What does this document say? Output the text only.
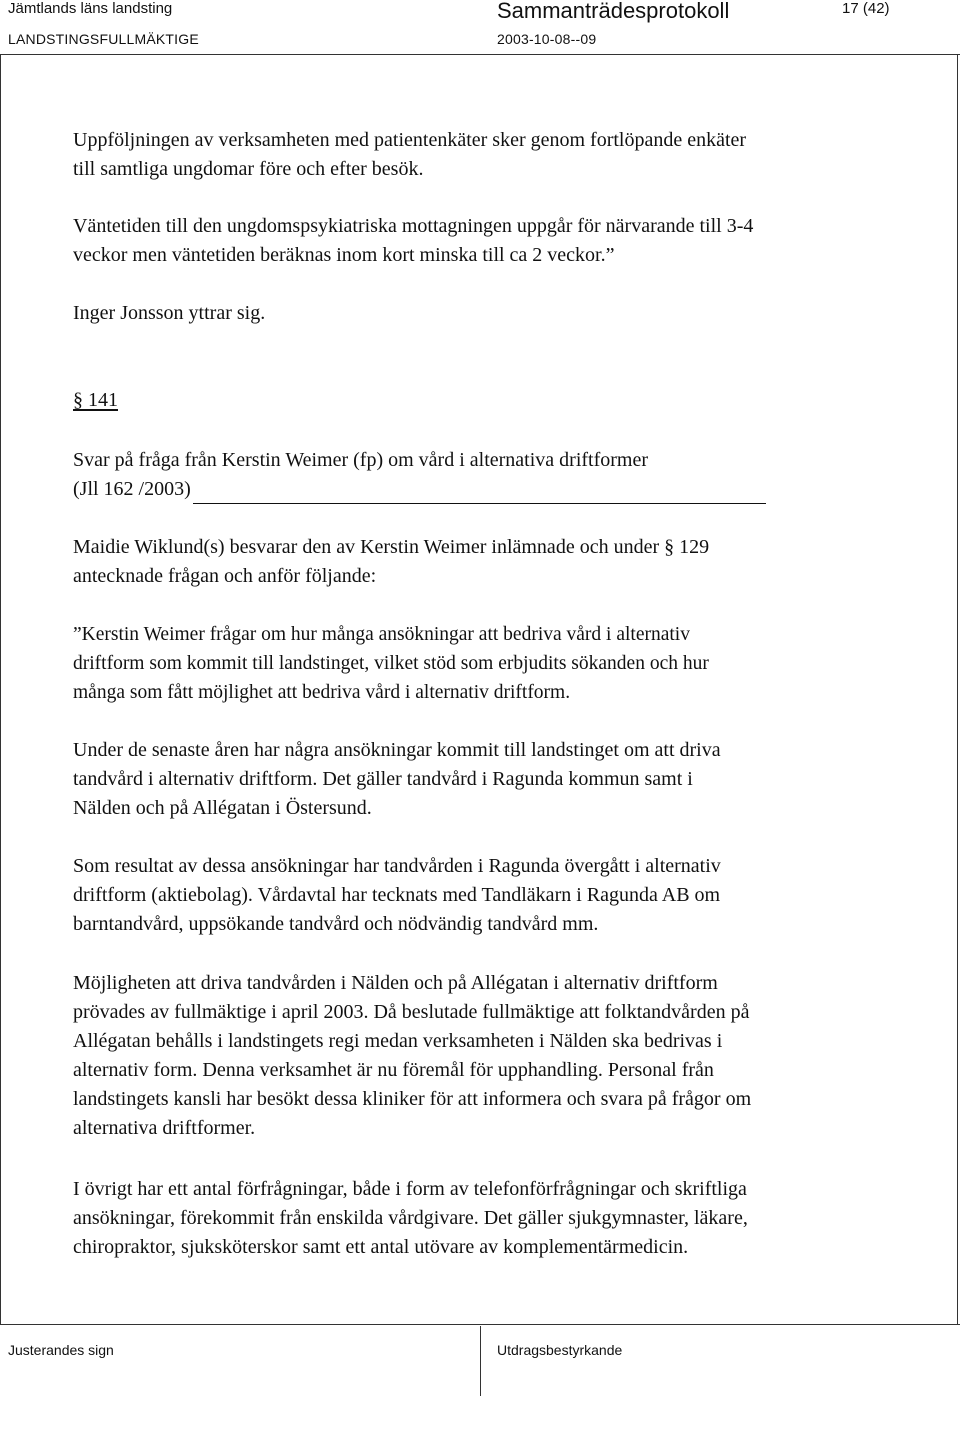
Jämtlands läns landsting	Sammanträdesprotokoll	17 (42)
LANDSTINGSFULLMÄKTIGE	2003-10-08--09
Uppföljningen av verksamheten med patientenkäter sker genom fortlöpande enkäter
till samtliga ungdomar före och efter besök.
Väntetiden till den ungdomspsykiatriska mottagningen uppgår för närvarande till 3-4
veckor men väntetiden beräknas inom kort minska till ca 2 veckor.”
Inger Jonsson yttrar sig.
§ 141
Svar på fråga från Kerstin Weimer (fp) om vård i alternativa driftformer
(Jll 162 /2003)
Maidie Wiklund(s) besvarar den av Kerstin Weimer inlämnade och under § 129
antecknade frågan och anför följande:
”Kerstin Weimer frågar om hur många ansökningar att bedriva vård i alternativ
driftform som kommit till landstinget, vilket stöd som erbjudits sökanden och hur
många som fått möjlighet att bedriva vård i alternativ driftform.
Under de senaste åren har några ansökningar kommit till landstinget om att driva
tandvård i alternativ driftform. Det gäller tandvård i Ragunda kommun samt i
Nälden och på Allégatan i Östersund.
Som resultat av dessa ansökningar har tandvården i Ragunda övergått i alternativ
driftform (aktiebolag). Vårdavtal har tecknats med Tandläkarn i Ragunda AB om
barntandvård, uppsökande tandvård och nödvändig tandvård mm.
Möjligheten att driva tandvården i Nälden och på Allégatan i alternativ driftform
prövades av fullmäktige i april 2003. Då beslutade fullmäktige att folktandvården på
Allégatan behålls i landstingets regi medan verksamheten i Nälden ska bedrivas i
alternativ form. Denna verksamhet är nu föremål för upphandling. Personal från
landstingets kansli har besökt dessa kliniker för att informera och svara på frågor om
alternativa driftformer.
I övrigt har ett antal förfrågningar, både i form av telefonförfrågningar och skriftliga
ansökningar, förekommit från enskilda vårdgivare. Det gäller sjukgymnaster, läkare,
chiropraktor, sjuksköterskor samt ett antal utövare av komplementärmedicin.
Justerandes sign	Utdragsbestyrkande
